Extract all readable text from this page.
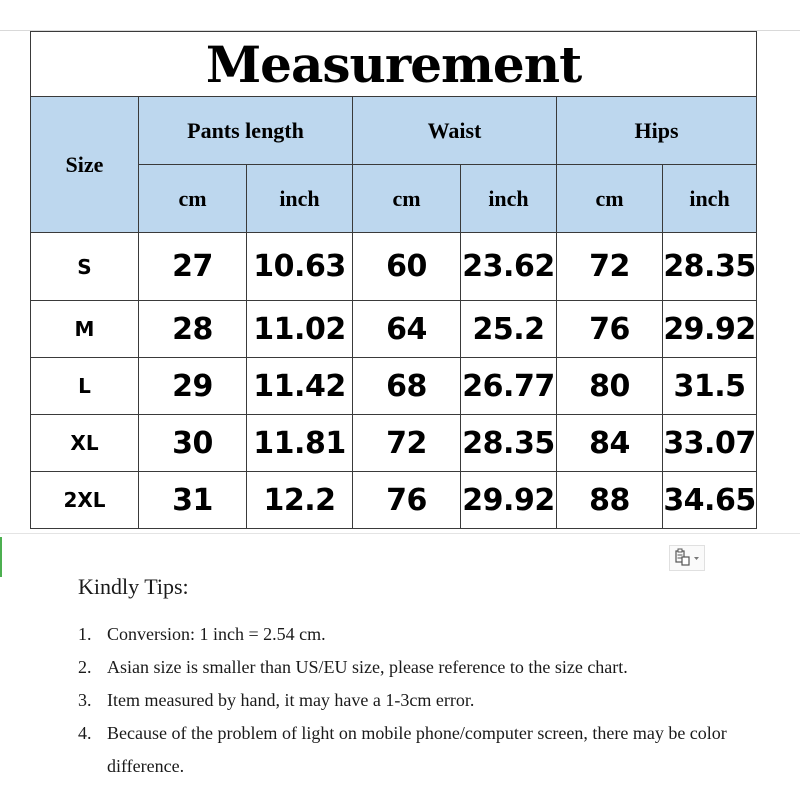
Measurement						
Size	Pants length		Waist		Hips	
	cm	inch	cm	inch	cm	inch
S	27	10.63	60	23.62	72	28.35
M	28	11.02	64	25.2	76	29.92
L	29	11.42	68	26.77	80	31.5
XL	30	11.81	72	28.35	84	33.07
2XL	31	12.2	76	29.92	88	34.65
Kindly Tips:
1. Conversion: 1 inch = 2.54 cm.
2. Asian size is smaller than US/EU size, please reference to the size chart.
3. Item measured by hand, it may have a 1-3cm error.
4. Because of the problem of light on mobile phone/computer screen, there may be color difference.
